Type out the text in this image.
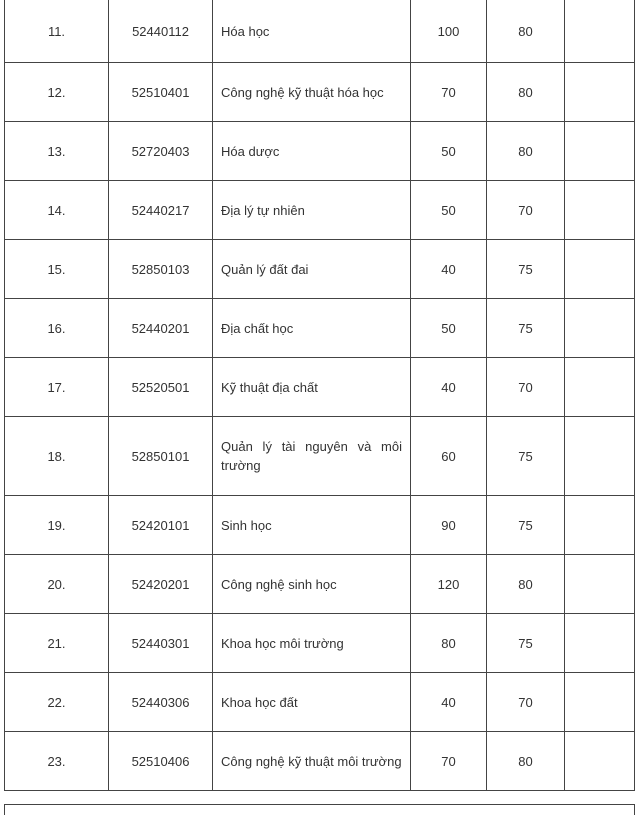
11.	52440112	Hóa học	100	80	
12.	52510401	Công nghệ kỹ thuật hóa học	70	80	
13.	52720403	Hóa dược	50	80	
14.	52440217	Địa lý tự nhiên	50	70	
15.	52850103	Quản lý đất đai	40	75	
16.	52440201	Địa chất học	50	75	
17.	52520501	Kỹ thuật địa chất	40	70	
18.	52850101	Quản lý tài nguyên và môi trường	60	75	
19.	52420101	Sinh học	90	75	
20.	52420201	Công nghệ sinh học	120	80	
21.	52440301	Khoa học môi trường	80	75	
22.	52440306	Khoa học đất	40	70	
23.	52510406	Công nghệ kỹ thuật môi trường	70	80	
